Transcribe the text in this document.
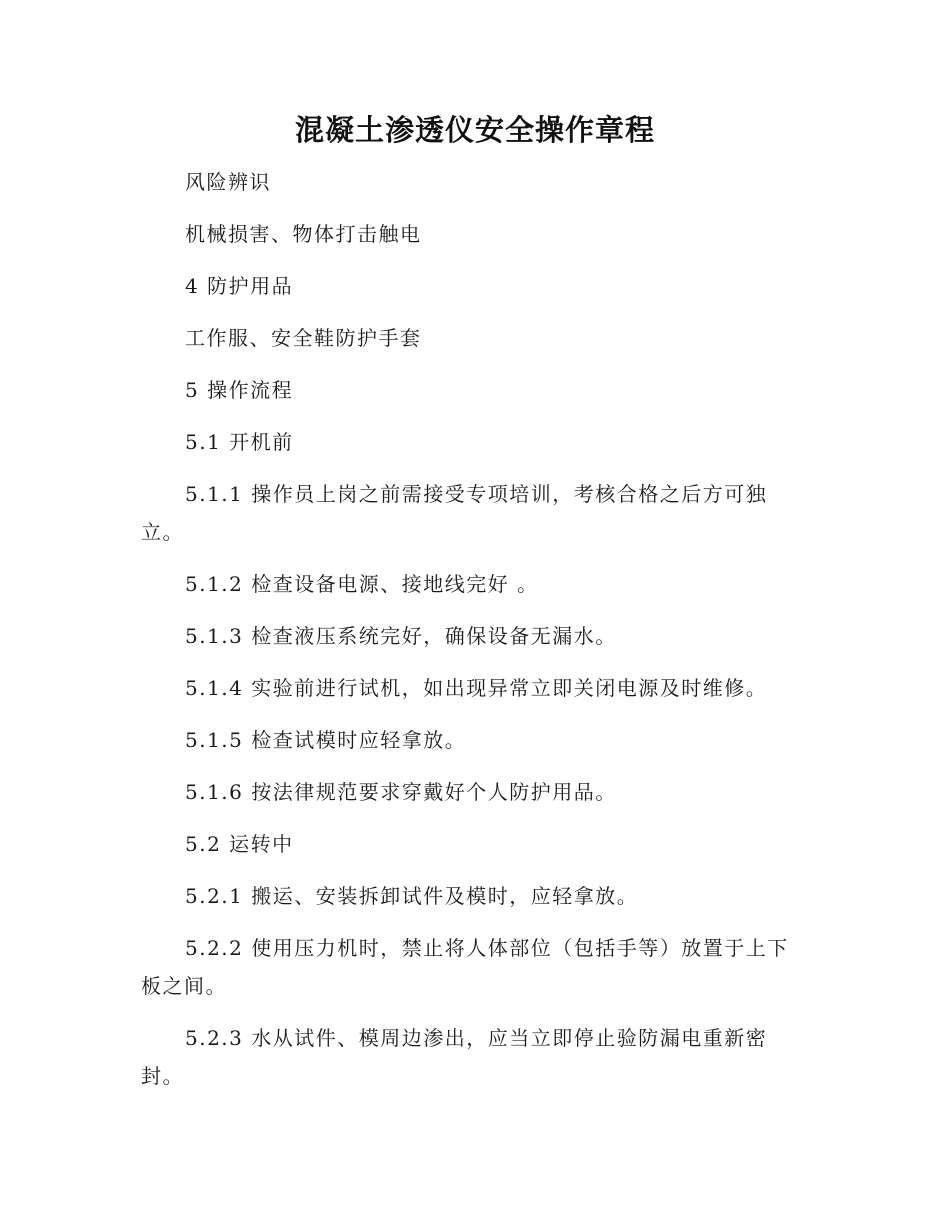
混凝土渗透仪安全操作章程

风险辨识

机械损害、物体打击触电

4 防护用品

工作服、安全鞋防护手套

5 操作流程

5.1 开机前

5.1.1 操作员上岗之前需接受专项培训，考核合格之后方可独立。

5.1.2 检查设备电源、接地线完好 。

5.1.3 检查液压系统完好，确保设备无漏水。

5.1.4 实验前进行试机，如出现异常立即关闭电源及时维修。

5.1.5 检查试模时应轻拿放。

5.1.6 按法律规范要求穿戴好个人防护用品。

5.2 运转中

5.2.1 搬运、安装拆卸试件及模时，应轻拿放。

5.2.2 使用压力机时，禁止将人体部位（包括手等）放置于上下板之间。

5.2.3 水从试件、模周边渗出，应当立即停止验防漏电重新密封。
